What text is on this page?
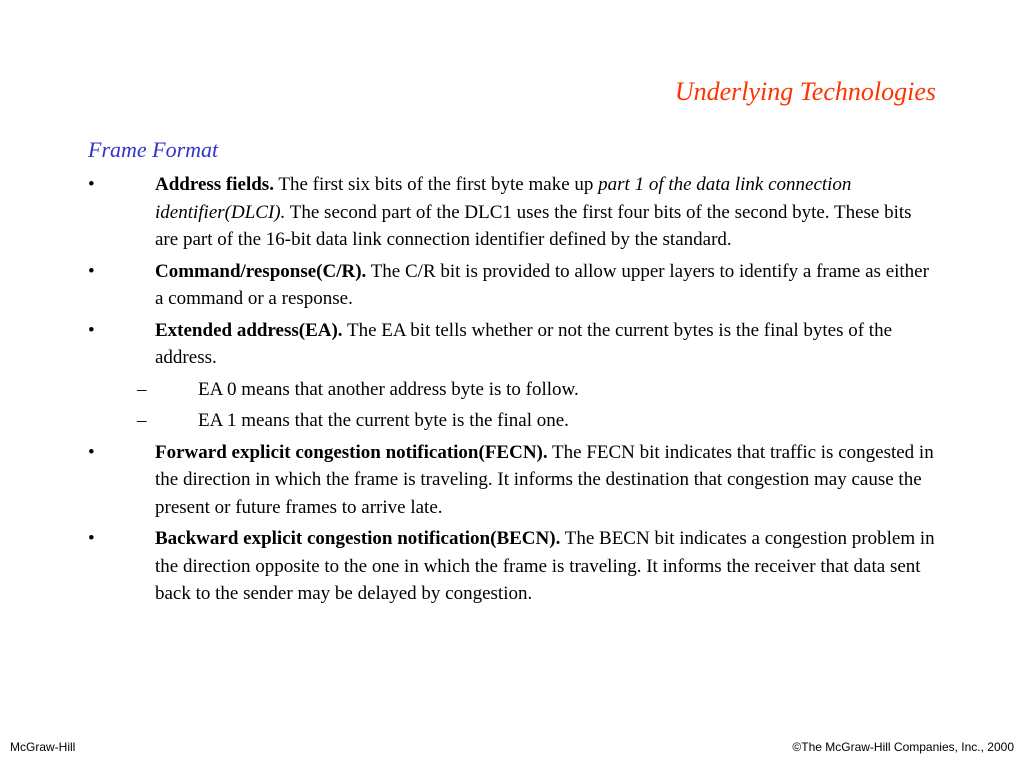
Underlying Technologies
Frame Format
•	Address fields. The first six bits of the first byte make up part 1 of the data link connection identifier(DLCI). The second part of the DLC1 uses the first four bits of the second byte. These bits are part of the 16-bit data link connection identifier defined by the standard.
•	Command/response(C/R). The C/R bit is provided to allow upper layers to identify a frame as either a command or a response.
•	Extended address(EA). The EA bit tells whether or not the current bytes is the final bytes of the address.
–	EA 0 means that another address byte is to follow.
–	EA 1 means that the current byte is the final one.
•	Forward explicit congestion notification(FECN). The FECN bit indicates that traffic is congested in the direction in which the frame is traveling. It informs the destination that congestion may cause the present or future frames to arrive late.
•	Backward explicit congestion notification(BECN). The BECN bit indicates a congestion problem in the direction opposite to the one in which the frame is traveling. It informs the receiver that data sent back to the sender may be delayed by congestion.
McGraw-Hill	©The McGraw-Hill Companies, Inc., 2000
